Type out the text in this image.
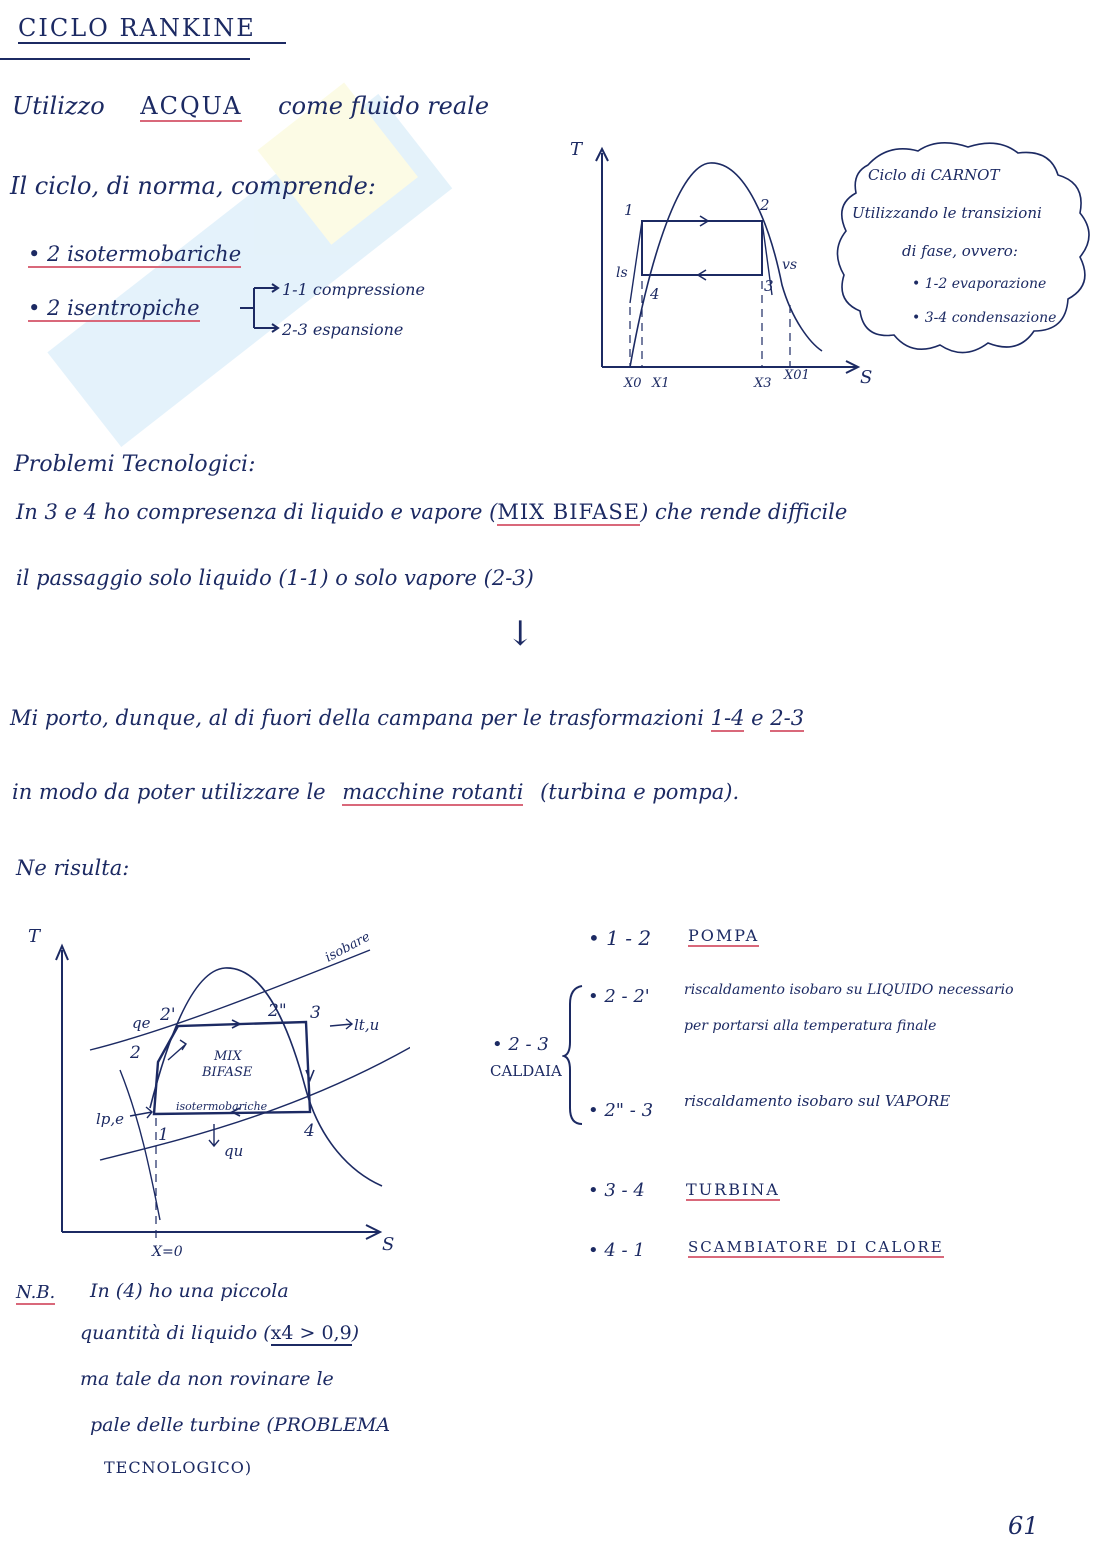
CICLO RANKINE
Utilizzo ACQUA come fluido reale
Il ciclo, di norma, comprende:
• 2 isotermobariche
• 2 isentropiche
1-1 compressione
2-3 espansione
T
S
1	2
3
4
ls	vs
X0 X1	X3
X01
Ciclo di CARNOT
Utilizzando le transizioni
di fase, ovvero:
• 1-2 evaporazione
• 3-4 condensazione
Problemi Tecnologici:
In 3 e 4 ho compresenza di liquido e vapore (MIX BIFASE) che rende difficile
il passaggio solo liquido (1-1) o solo vapore (2-3)
↓
Mi porto, dunque, al di fuori della campana per le trasformazioni 1-4 e 2-3
in modo da poter utilizzare le macchine rotanti (turbina e pompa).
Ne risulta:
T
S
isobare
MIX
BIFASE
isotermobariche
qe
lp,e
lt,u
qu
2
2'	2" 3
1	4
X=0
• 1 - 2 POMPA
• 2 - 3
CALDAIA
• 2 - 2' riscaldamento isobaro su LIQUIDO necessario
per portarsi alla temperatura finale
• 2" - 3 riscaldamento isobaro sul VAPORE
• 3 - 4	TURBINA
• 4 - 1	SCAMBIATORE DI CALORE
N.B. In (4) ho una piccola
quantità di liquido (x4 > 0,9)
ma tale da non rovinare le
pale delle turbine (PROBLEMA
TECNOLOGICO)
61
